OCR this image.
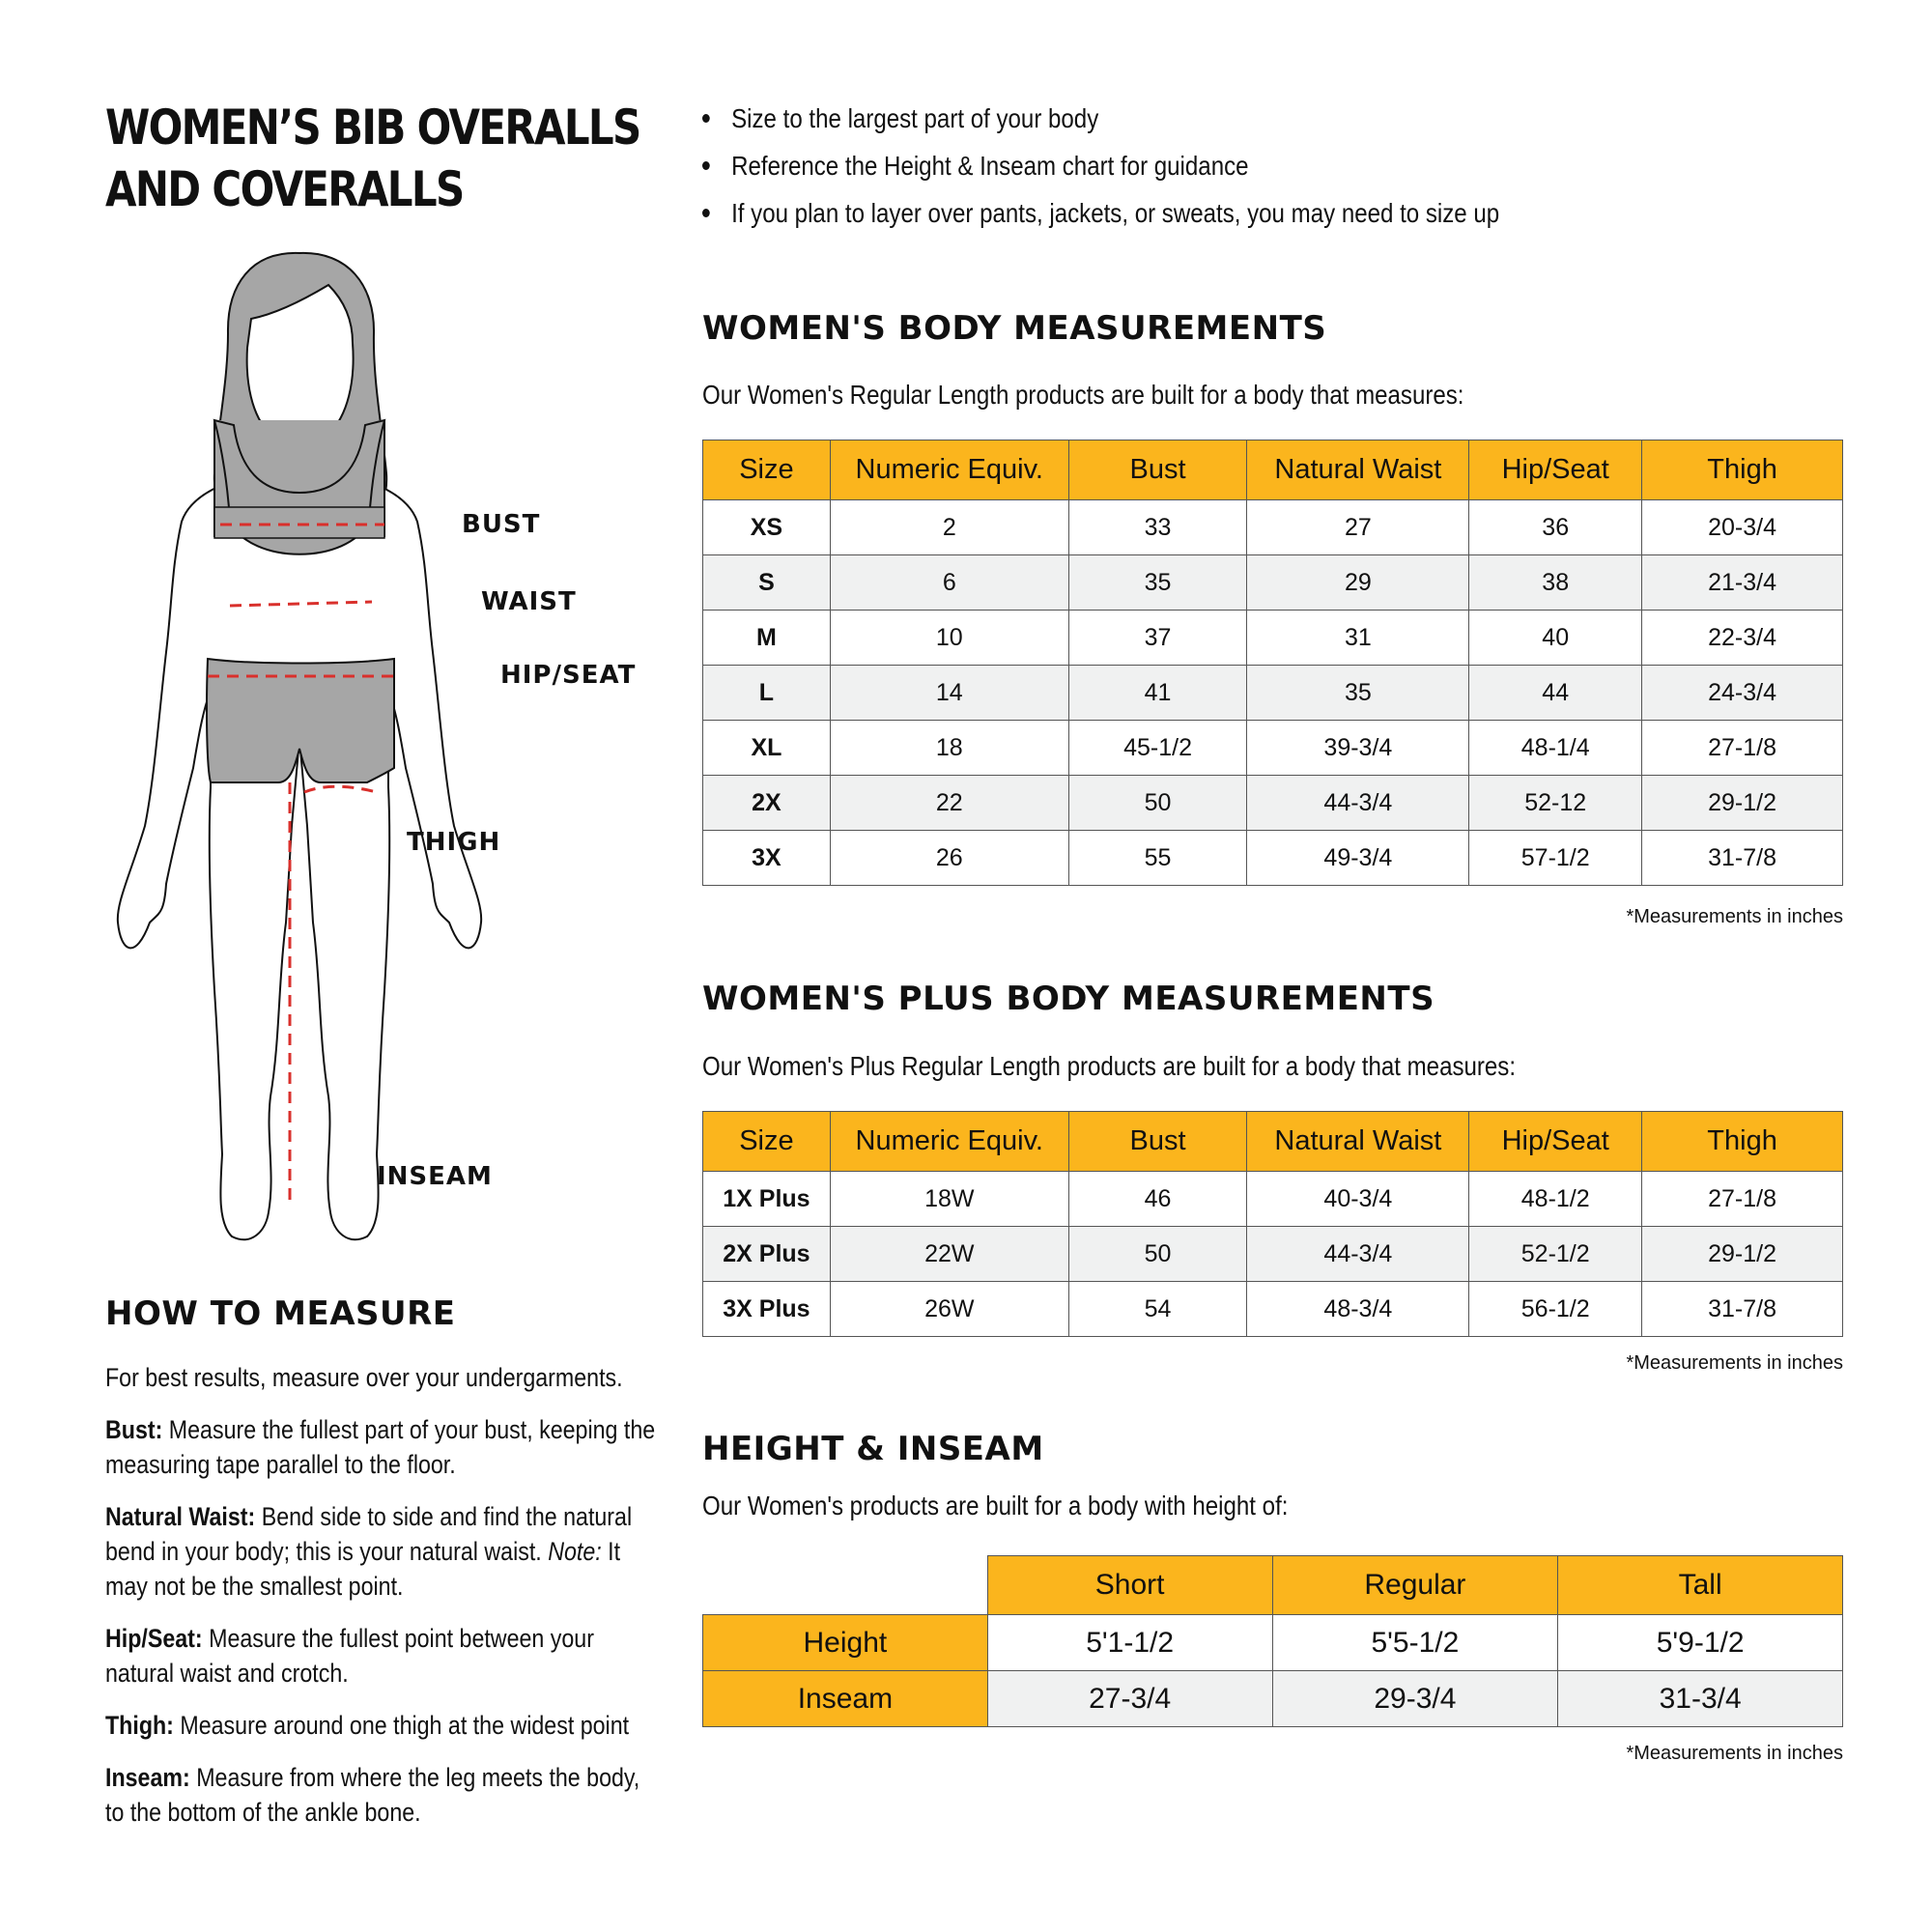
WOMEN’S BIB OVERALLS
AND COVERALLS
Size to the largest part of your body
Reference the Height & Inseam chart for guidance
If you plan to layer over pants, jackets, or sweats, you may need to size up
BUST
WAIST
HIP/SEAT
THIGH
INSEAM
WOMEN'S BODY MEASUREMENTS

Our Women's Regular Length products are built for a body that measures:

Size	Numeric Equiv.	Bust	Natural Waist	Hip/Seat	Thigh
XS	2	33	27	36	20-3/4
S	6	35	29	38	21-3/4
M	10	37	31	40	22-3/4
L	14	41	35	44	24-3/4
XL	18	45-1/2	39-3/4	48-1/4	27-1/8
2X	22	50	44-3/4	52-12	29-1/2
3X	26	55	49-3/4	57-1/2	31-7/8
*Measurements in inches
WOMEN'S PLUS BODY MEASUREMENTS

Our Women's Plus Regular Length products are built for a body that measures:

Size	Numeric Equiv.	Bust	Natural Waist	Hip/Seat	Thigh
1X Plus	18W	46	40-3/4	48-1/2	27-1/8
2X Plus	22W	50	44-3/4	52-1/2	29-1/2
3X Plus	26W	54	48-3/4	56-1/2	31-7/8
*Measurements in inches
HEIGHT & INSEAM

Our Women's products are built for a body with height of:

	Short	Regular	Tall
Height	5'1-1/2	5'5-1/2	5'9-1/2
Inseam	27-3/4	29-3/4	31-3/4
*Measurements in inches
HOW TO MEASURE

For best results, measure over your undergarments.

Bust: Measure the fullest part of your bust, keeping the measuring tape parallel to the floor.

Natural Waist: Bend side to side and find the natural bend in your body; this is your natural waist. Note: It may not be the smallest point.

Hip/Seat: Measure the fullest point between your natural waist and crotch.

Thigh: Measure around one thigh at the widest point

Inseam: Measure from where the leg meets the body, to the bottom of the ankle bone.
